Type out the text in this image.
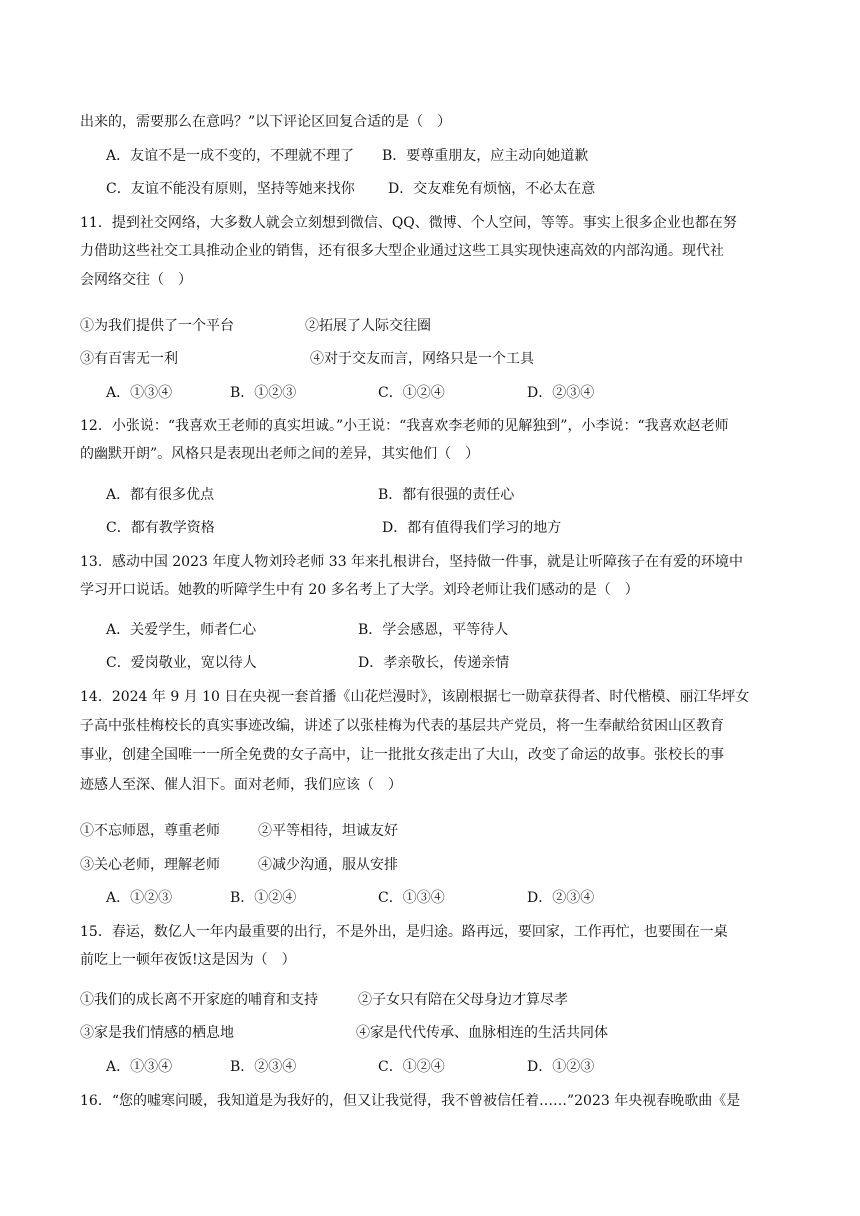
出来的，需要那么在意吗？”以下评论区回复合适的是（　）
A．友谊不是一成不变的，不理就不理了 B．要尊重朋友，应主动向她道歉
C．友谊不能没有原则，坚持等她来找你 D．交友难免有烦恼，不必太在意
11．提到社交网络，大多数人就会立刻想到微信、QQ、微博、个人空间，等等。事实上很多企业也都在努
力借助这些社交工具推动企业的销售，还有很多大型企业通过这些工具实现快速高效的内部沟通。现代社
会网络交往（　）
①为我们提供了一个平台	②拓展了人际交往圈
③有百害无一利	④对于交友而言，网络只是一个工具
A．①③④	B．①②③	C．①②④	D．②③④
12．小张说：“我喜欢王老师的真实坦诚。”小王说：“我喜欢李老师的见解独到”，小李说：“我喜欢赵老师
的幽默开朗”。风格只是表现出老师之间的差异，其实他们（　）
A．都有很多优点	B．都有很强的责任心
C．都有教学资格	D．都有值得我们学习的地方
13．感动中国 2023 年度人物刘玲老师 33 年来扎根讲台，坚持做一件事，就是让听障孩子在有爱的环境中
学习开口说话。她教的听障学生中有 20 多名考上了大学。刘玲老师让我们感动的是（　）
A．关爱学生，师者仁心	B．学会感恩，平等待人
C．爱岗敬业，宽以待人	D．孝亲敬长，传递亲情
14．2024 年 9 月 10 日在央视一套首播《山花烂漫时》，该剧根据七一勋章获得者、时代楷模、丽江华坪女
子高中张桂梅校长的真实事迹改编，讲述了以张桂梅为代表的基层共产党员，将一生奉献给贫困山区教育
事业，创建全国唯一一所全免费的女子高中，让一批批女孩走出了大山，改变了命运的故事。张校长的事
迹感人至深、催人泪下。面对老师，我们应该（　）
①不忘师恩，尊重老师	②平等相待，坦诚友好
③关心老师，理解老师	④减少沟通，服从安排
A．①②③	B．①②④	C．①③④	D．②③④
15．春运，数亿人一年内最重要的出行，不是外出，是归途。路再远，要回家，工作再忙，也要围在一桌
前吃上一顿年夜饭!这是因为（　）
①我们的成长离不开家庭的哺育和支持	②子女只有陪在父母身边才算尽孝
③家是我们情感的栖息地	④家是代代传承、血脉相连的生活共同体
A．①③④	B．②③④	C．①②④	D．①②③
16．“您的嘘寒问暖，我知道是为我好的，但又让我觉得，我不曾被信任着……”2023 年央视春晚歌曲《是
